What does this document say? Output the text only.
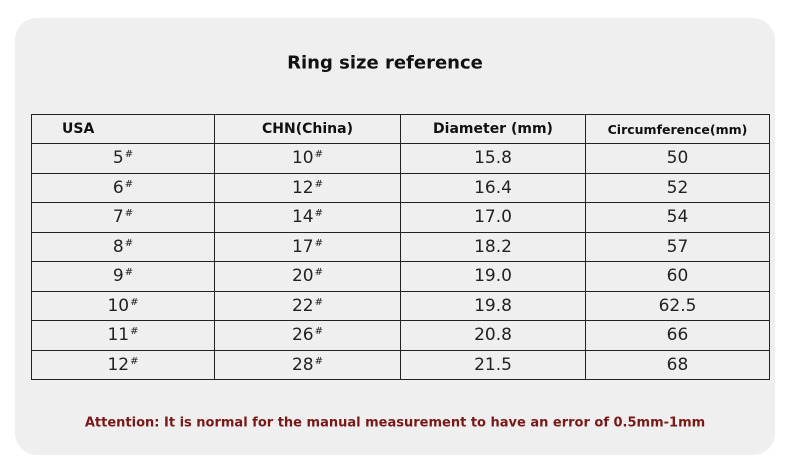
Ring size reference
USA	CHN(China)	Diameter (mm)	Circumference(mm)
5#	10#	15.8	50
6#	12#	16.4	52
7#	14#	17.0	54
8#	17#	18.2	57
9#	20#	19.0	60
10#	22#	19.8	62.5
11#	26#	20.8	66
12#	28#	21.5	68
Attention: It is normal for the manual measurement to have an error of 0.5mm-1mm
